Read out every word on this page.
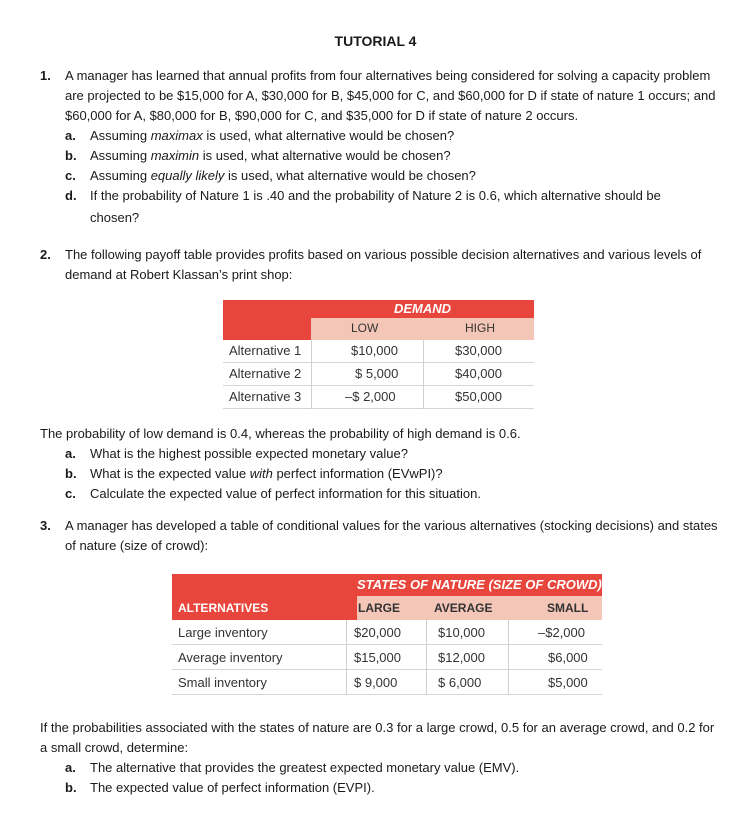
TUTORIAL 4
1. A manager has learned that annual profits from four alternatives being considered for solving a capacity problem are projected to be $15,000 for A, $30,000 for B, $45,000 for C, and $60,000 for D if state of nature 1 occurs; and $60,000 for A, $80,000 for B, $90,000 for C, and $35,000 for D if state of nature 2 occurs.
a. Assuming maximax is used, what alternative would be chosen?
b. Assuming maximin is used, what alternative would be chosen?
c. Assuming equally likely is used, what alternative would be chosen?
d. If the probability of Nature 1 is .40 and the probability of Nature 2 is 0.6, which alternative should be
chosen?
2. The following payoff table provides profits based on various possible decision alternatives and various levels of demand at Robert Klassan’s print shop:
DEMAND
LOW	HIGH
Alternative 1	$10,000	$30,000
Alternative 2	$ 5,000	$40,000
Alternative 3	–$ 2,000	$50,000
The probability of low demand is 0.4, whereas the probability of high demand is 0.6.
a. What is the highest possible expected monetary value?
b. What is the expected value with perfect information (EVwPI)?
c. Calculate the expected value of perfect information for this situation.
3. A manager has developed a table of conditional values for the various alternatives (stocking decisions) and states of nature (size of crowd):
STATES OF NATURE (SIZE OF CROWD)
ALTERNATIVES	LARGE	AVERAGE	SMALL
Large inventory	$20,000	$10,000	–$2,000
Average inventory	$15,000	$12,000	$6,000
Small inventory	$ 9,000	$ 6,000	$5,000
If the probabilities associated with the states of nature are 0.3 for a large crowd, 0.5 for an average crowd, and 0.2 for a small crowd, determine:
a. The alternative that provides the greatest expected monetary value (EMV).
b. The expected value of perfect information (EVPI).
